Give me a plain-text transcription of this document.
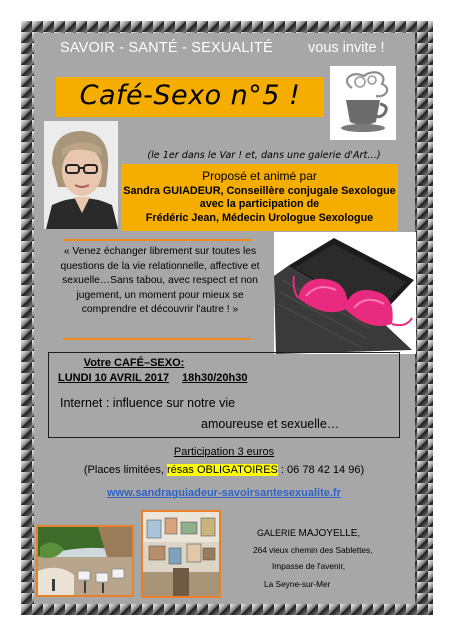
SAVOIR - SANTÉ - SEXUALITÉ vous invite !
Café-Sexo n°5 !
(le 1er dans le Var ! et, dans une galerie d'Art…)
Proposé et animé par
Sandra GUIADEUR, Conseillère conjugale Sexologue
avec la participation de
Frédéric Jean, Médecin Urologue Sexologue
« Venez échanger librement sur toutes les questions de la vie relationnelle, affective et sexuelle…Sans tabou, avec respect et non jugement, un moment pour mieux se comprendre et découvrir l'autre ! »
Votre CAFÉ–SEXO:
LUNDI 10 AVRIL 2017 18h30/20h30
Internet : influence sur notre vie
amoureuse et sexuelle…
Participation 3 euros
(Places limitées, résas OBLIGATOIRES : 06 78 42 14 96)
www.sandraguiadeur-savoirsantesexualite.fr
GALERIE MAJOYELLE,
264 vieux chemin des Sablettes,
Impasse de l'avenir,
La Seyne-sur-Mer
